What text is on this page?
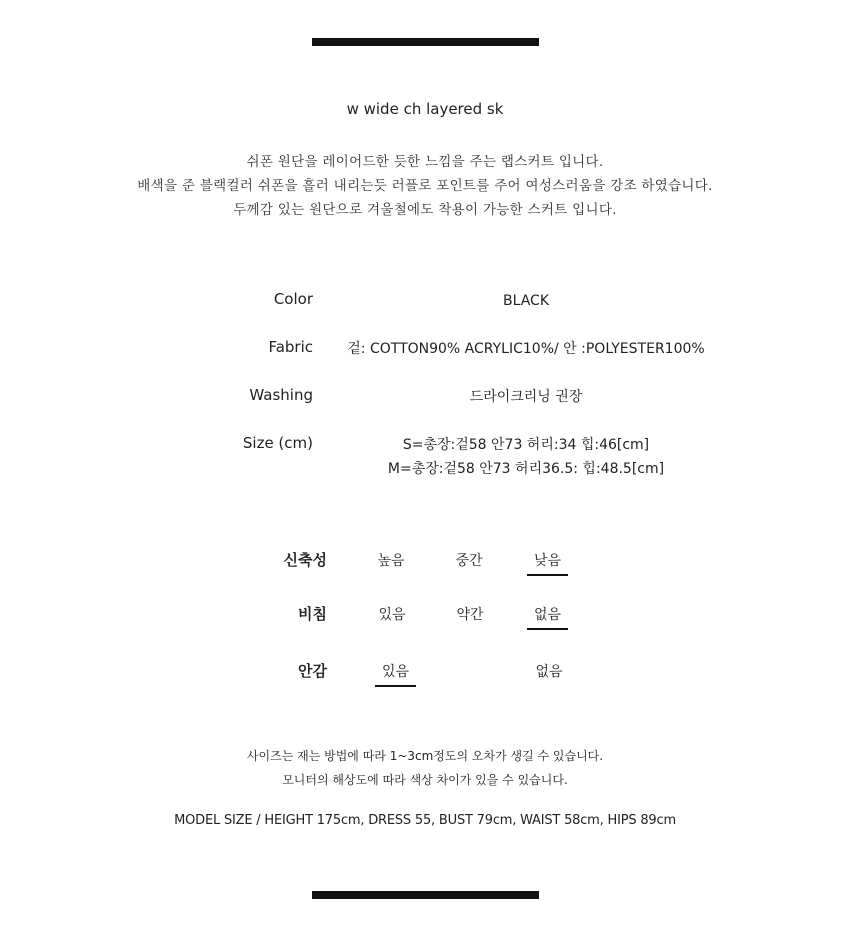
w wide ch layered sk
쉬폰 원단을 레이어드한 듯한 느낌을 주는 랩스커트 입니다.
배색을 준 블랙컬러 쉬폰을 흘러 내리는듯 러플로 포인트를 주어 여성스러움을 강조 하였습니다.
두께감 있는 원단으로 겨울철에도 착용이 가능한 스커트 입니다.
Color	BLACK
Fabric	겉: COTTON90% ACRYLIC10%/ 안 :POLYESTER100%
Washing	드라이크리닝 권장
Size (cm)	S=총장:겉58 안73 허리:34 힙:46[cm]
M=총장:겉58 안73 허리36.5: 힙:48.5[cm]
신축성	높음	중간	낮음
비침	있음	약간	없음
안감	있음	없음
사이즈는 재는 방법에 따라 1~3cm정도의 오차가 생길 수 있습니다.
모니터의 해상도에 따라 색상 차이가 있을 수 있습니다.
MODEL SIZE / HEIGHT 175cm, DRESS 55, BUST 79cm, WAIST 58cm, HIPS 89cm
